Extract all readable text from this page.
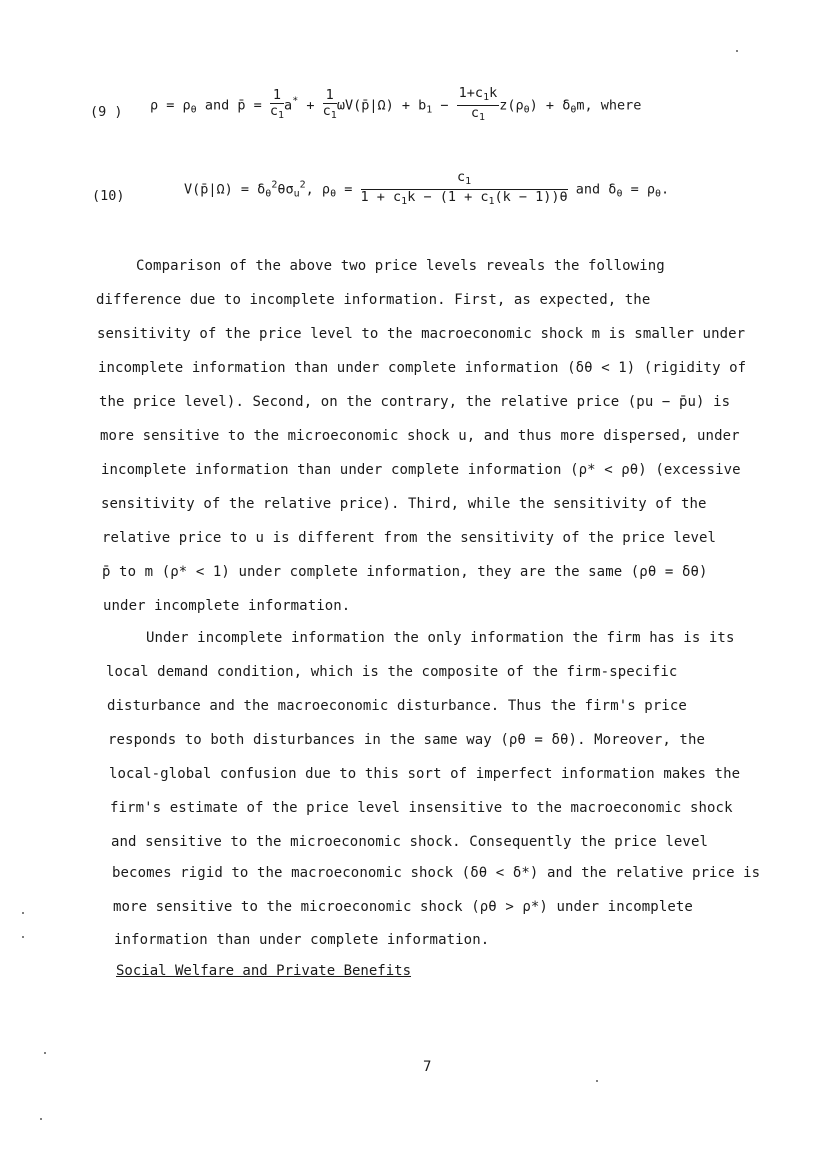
(9 ) $\rho = \rho_\theta$ and p̄ = $\frac{1}{c_1} a^* + \frac{1}{c_1}$ ωV(p̄|Ω) + $b_1 - \frac{1+c_1k}{c_1} z(\rho_\theta) + \delta_\theta m$, where
(10)	V(p̄|Ω) = $\delta_\theta^2\theta\sigma_u^2$, $\rho_\theta = \frac{c_1}{1 + c_1k - (1 + c_1(k - 1))\theta}$ and $\delta_\theta = \rho_\theta$.
Comparison of the above two price levels reveals the following
difference due to incomplete information. First, as expected, the
sensitivity of the price level to the macroeconomic shock m is smaller under
incomplete information than under complete information (δθ < 1) (rigidity of
the price level). Second, on the contrary, the relative price (pu − p̄u) is
more sensitive to the microeconomic shock u, and thus more dispersed, under
incomplete information than under complete information (ρ* < ρθ) (excessive
sensitivity of the relative price). Third, while the sensitivity of the
relative price to u is different from the sensitivity of the price level
p̄ to m (ρ* < 1) under complete information, they are the same (ρθ = δθ)
under incomplete information.
Under incomplete information the only information the firm has is its
local demand condition, which is the composite of the firm-specific
disturbance and the macroeconomic disturbance. Thus the firm's price
responds to both disturbances in the same way (ρθ = δθ). Moreover, the
local-global confusion due to this sort of imperfect information makes the
firm's estimate of the price level insensitive to the macroeconomic shock
and sensitive to the microeconomic shock. Consequently the price level
becomes rigid to the macroeconomic shock (δθ < δ*) and the relative price is
more sensitive to the microeconomic shock (ρθ > ρ*) under incomplete
information than under complete information.
Social Welfare and Private Benefits
7
